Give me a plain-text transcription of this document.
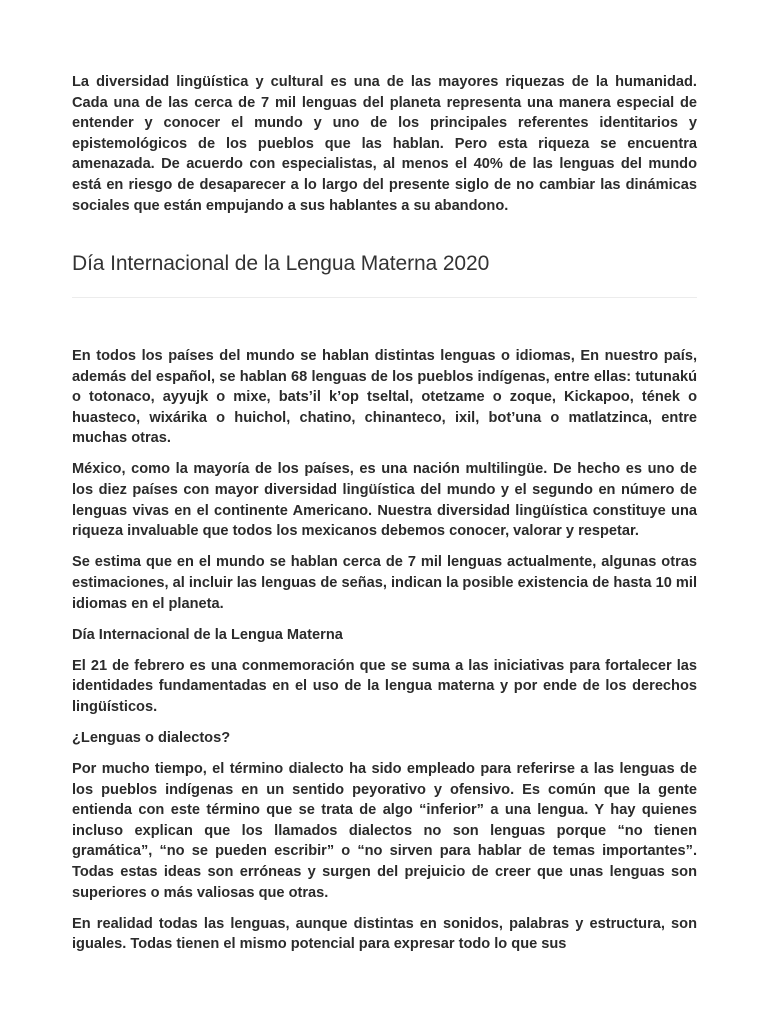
La diversidad lingüística y cultural es una de las mayores riquezas de la humanidad. Cada una de las cerca de 7 mil lenguas del planeta representa una manera especial de entender y conocer el mundo y uno de los principales referentes identitarios y epistemológicos de los pueblos que las hablan. Pero esta riqueza se encuentra amenazada. De acuerdo con especialistas, al menos el 40% de las lenguas del mundo está en riesgo de desaparecer a lo largo del presente siglo de no cambiar las dinámicas sociales que están empujando a sus hablantes a su abandono.

Día Internacional de la Lengua Materna 2020

En todos los países del mundo se hablan distintas lenguas o idiomas, En nuestro país, además del español, se hablan 68 lenguas de los pueblos indígenas, entre ellas: tutunakú o totonaco, ayyujk o mixe, bats’il k’op tseltal, otetzame o zoque, Kickapoo, tének o huasteco, wixárika o huichol, chatino, chinanteco, ixil, bot’una o matlatzinca, entre muchas otras.

México, como la mayoría de los países, es una nación multilingüe. De hecho es uno de los diez países con mayor diversidad lingüística del mundo y el segundo en número de lenguas vivas en el continente Americano. Nuestra diversidad lingüística constituye una riqueza invaluable que todos los mexicanos debemos conocer, valorar y respetar.

Se estima que en el mundo se hablan cerca de 7 mil lenguas actualmente, algunas otras estimaciones, al incluir las lenguas de señas, indican la posible existencia de hasta 10 mil idiomas en el planeta.

Día Internacional de la Lengua Materna

El 21 de febrero es una conmemoración que se suma a las iniciativas para fortalecer las identidades fundamentadas en el uso de la lengua materna y por ende de los derechos lingüísticos.

¿Lenguas o dialectos?

Por mucho tiempo, el término dialecto ha sido empleado para referirse a las lenguas de los pueblos indígenas en un sentido peyorativo y ofensivo. Es común que la gente entienda con este término que se trata de algo “inferior” a una lengua. Y hay quienes incluso explican que los llamados dialectos no son lenguas porque “no tienen gramática”, “no se pueden escribir” o “no sirven para hablar de temas importantes”. Todas estas ideas son erróneas y surgen del prejuicio de creer que unas lenguas son superiores o más valiosas que otras.

En realidad todas las lenguas, aunque distintas en sonidos, palabras y estructura, son iguales. Todas tienen el mismo potencial para expresar todo lo que sus
